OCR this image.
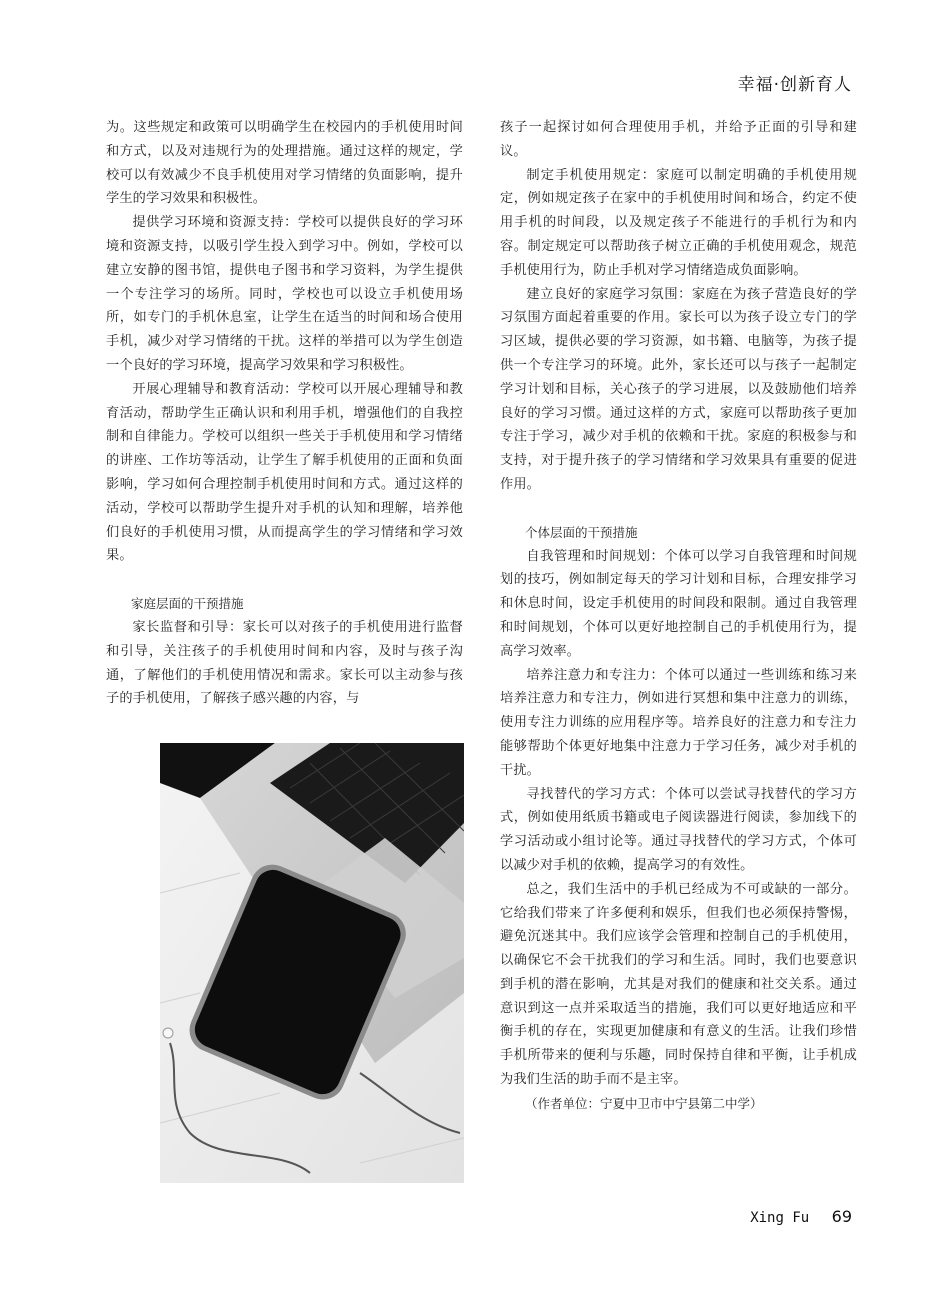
幸福·创新育人

为。这些规定和政策可以明确学生在校园内的手机使用时间和方式，以及对违规行为的处理措施。通过这样的规定，学校可以有效减少不良手机使用对学习情绪的负面影响，提升学生的学习效果和积极性。

提供学习环境和资源支持：学校可以提供良好的学习环境和资源支持，以吸引学生投入到学习中。例如，学校可以建立安静的图书馆，提供电子图书和学习资料，为学生提供一个专注学习的场所。同时，学校也可以设立手机使用场所，如专门的手机休息室，让学生在适当的时间和场合使用手机，减少对学习情绪的干扰。这样的举措可以为学生创造一个良好的学习环境，提高学习效果和学习积极性。

开展心理辅导和教育活动：学校可以开展心理辅导和教育活动，帮助学生正确认识和利用手机，增强他们的自我控制和自律能力。学校可以组织一些关于手机使用和学习情绪的讲座、工作坊等活动，让学生了解手机使用的正面和负面影响，学习如何合理控制手机使用时间和方式。通过这样的活动，学校可以帮助学生提升对手机的认知和理解，培养他们良好的手机使用习惯，从而提高学生的学习情绪和学习效果。

家庭层面的干预措施

家长监督和引导：家长可以对孩子的手机使用进行监督和引导，关注孩子的手机使用时间和内容，及时与孩子沟通，了解他们的手机使用情况和需求。家长可以主动参与孩子的手机使用，了解孩子感兴趣的内容，与

孩子一起探讨如何合理使用手机，并给予正面的引导和建议。

制定手机使用规定：家庭可以制定明确的手机使用规定，例如规定孩子在家中的手机使用时间和场合，约定不使用手机的时间段，以及规定孩子不能进行的手机行为和内容。制定规定可以帮助孩子树立正确的手机使用观念，规范手机使用行为，防止手机对学习情绪造成负面影响。

建立良好的家庭学习氛围：家庭在为孩子营造良好的学习氛围方面起着重要的作用。家长可以为孩子设立专门的学习区域，提供必要的学习资源，如书籍、电脑等，为孩子提供一个专注学习的环境。此外，家长还可以与孩子一起制定学习计划和目标，关心孩子的学习进展，以及鼓励他们培养良好的学习习惯。通过这样的方式，家庭可以帮助孩子更加专注于学习，减少对手机的依赖和干扰。家庭的积极参与和支持，对于提升孩子的学习情绪和学习效果具有重要的促进作用。

个体层面的干预措施

自我管理和时间规划：个体可以学习自我管理和时间规划的技巧，例如制定每天的学习计划和目标，合理安排学习和休息时间，设定手机使用的时间段和限制。通过自我管理和时间规划，个体可以更好地控制自己的手机使用行为，提高学习效率。

培养注意力和专注力：个体可以通过一些训练和练习来培养注意力和专注力，例如进行冥想和集中注意力的训练，使用专注力训练的应用程序等。培养良好的注意力和专注力能够帮助个体更好地集中注意力于学习任务，减少对手机的干扰。

寻找替代的学习方式：个体可以尝试寻找替代的学习方式，例如使用纸质书籍或电子阅读器进行阅读，参加线下的学习活动或小组讨论等。通过寻找替代的学习方式，个体可以减少对手机的依赖，提高学习的有效性。

总之，我们生活中的手机已经成为不可或缺的一部分。它给我们带来了许多便利和娱乐，但我们也必须保持警惕，避免沉迷其中。我们应该学会管理和控制自己的手机使用，以确保它不会干扰我们的学习和生活。同时，我们也要意识到手机的潜在影响，尤其是对我们的健康和社交关系。通过意识到这一点并采取适当的措施，我们可以更好地适应和平衡手机的存在，实现更加健康和有意义的生活。让我们珍惜手机所带来的便利与乐趣，同时保持自律和平衡，让手机成为我们生活的助手而不是主宰。

（作者单位：宁夏中卫市中宁县第二中学）

Xing Fu 69
